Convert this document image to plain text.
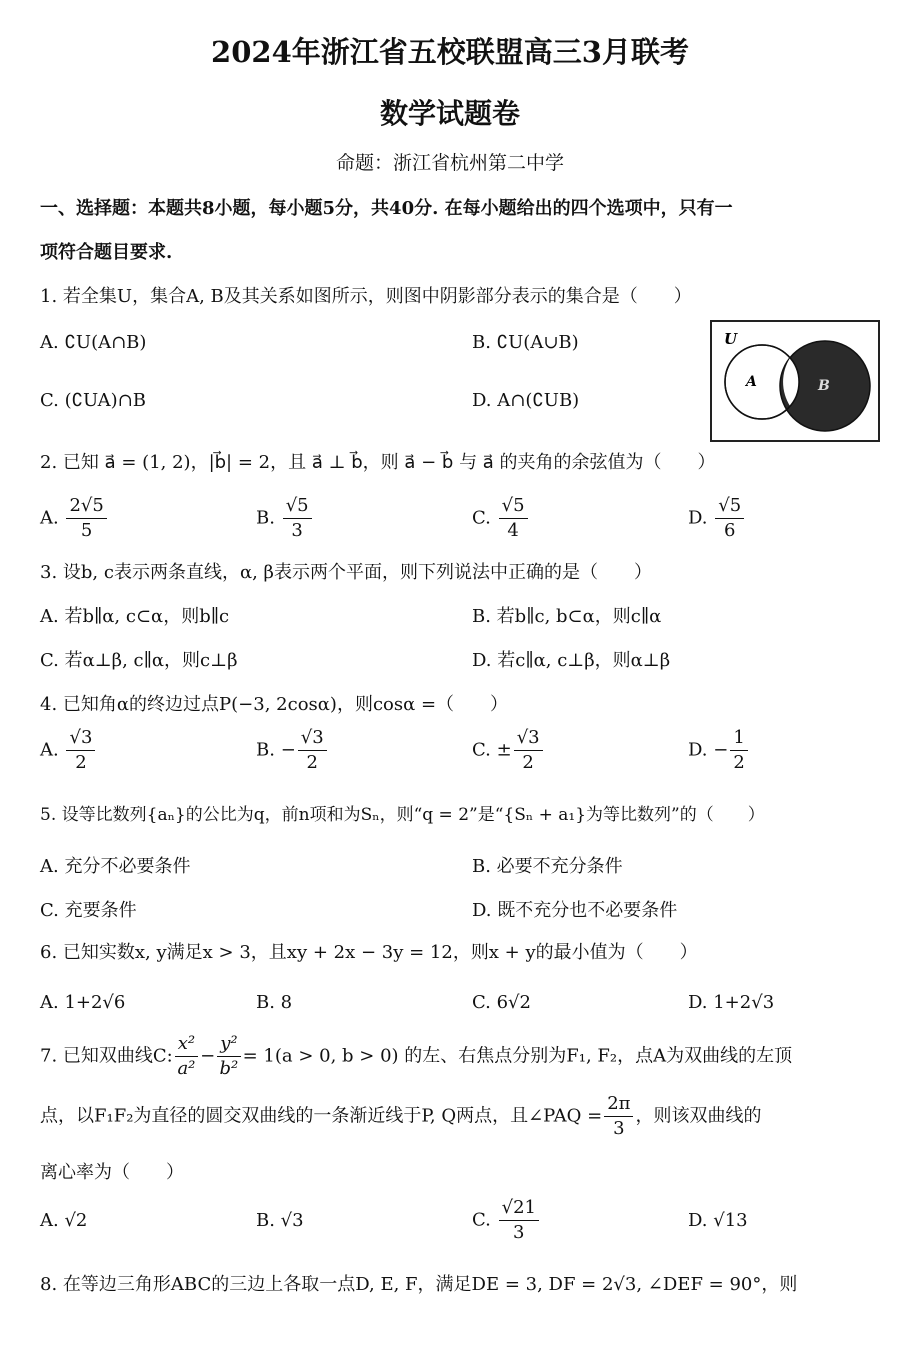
2024年浙江省五校联盟高三3月联考
数学试题卷
命题：浙江省杭州第二中学
一、选择题：本题共8小题，每小题5分，共40分. 在每小题给出的四个选项中，只有一
项符合题目要求.
1. 若全集U，集合A, B及其关系如图所示，则图中阴影部分表示的集合是（　　）
A. ∁U(A∩B)	B. ∁U(A∪B)
C. (∁UA)∩B	D. A∩(∁UB)
U
A	B
2. 已知 a⃗ = (1, 2)，|b⃗| = 2，且 a⃗ ⊥ b⃗，则 a⃗ − b⃗ 与 a⃗ 的夹角的余弦值为（　　）
A. $\frac{2√5}{5}$	B. $\frac{√5}{3}$	C. $\frac{√5}{4}$	D. $\frac{√5}{6}$
3. 设b, c表示两条直线，α, β表示两个平面，则下列说法中正确的是（　　）
A. 若b∥α, c⊂α，则b∥c	B. 若b∥c, b⊂α，则c∥α
C. 若α⊥β, c∥α，则c⊥β	D. 若c∥α, c⊥β，则α⊥β
4. 已知角α的终边过点P(−3, 2cosα)，则cosα =（　　）
A. $\frac{√3}{2}$	B. − $\frac{√3}{2}$	C. ± $\frac{√3}{2}$	D. − $\frac{1}{2}$
5. 设等比数列{aₙ}的公比为q，前n项和为Sₙ，则“q = 2”是“{Sₙ + a₁}为等比数列”的（　　）
A. 充分不必要条件	B. 必要不充分条件
C. 充要条件	D. 既不充分也不必要条件
6. 已知实数x, y满足x > 3，且xy + 2x − 3y = 12，则x + y的最小值为（　　）
A. 1+2√6	B. 8	C. 6√2	D. 1+2√3
7. 已知双曲线C: $\frac{\text{x²}}{\text{a²}} - \frac{\text{y²}}{\text{b²}} = 1(a > 0$, b > 0) 的左、右焦点分别为F₁, F₂，点A为双曲线的左顶
点，以F₁F₂为直径的圆交双曲线的一条渐近线于P, Q两点，且∠PAQ = $\frac{2\pi}{3}$ ，则该双曲线的
离心率为（　　）
A. √2	B. √3	C. $\frac{√21}{3}$	D. √13
8. 在等边三角形ABC的三边上各取一点D, E, F，满足DE = 3, DF = 2√3, ∠DEF = 90°，则
